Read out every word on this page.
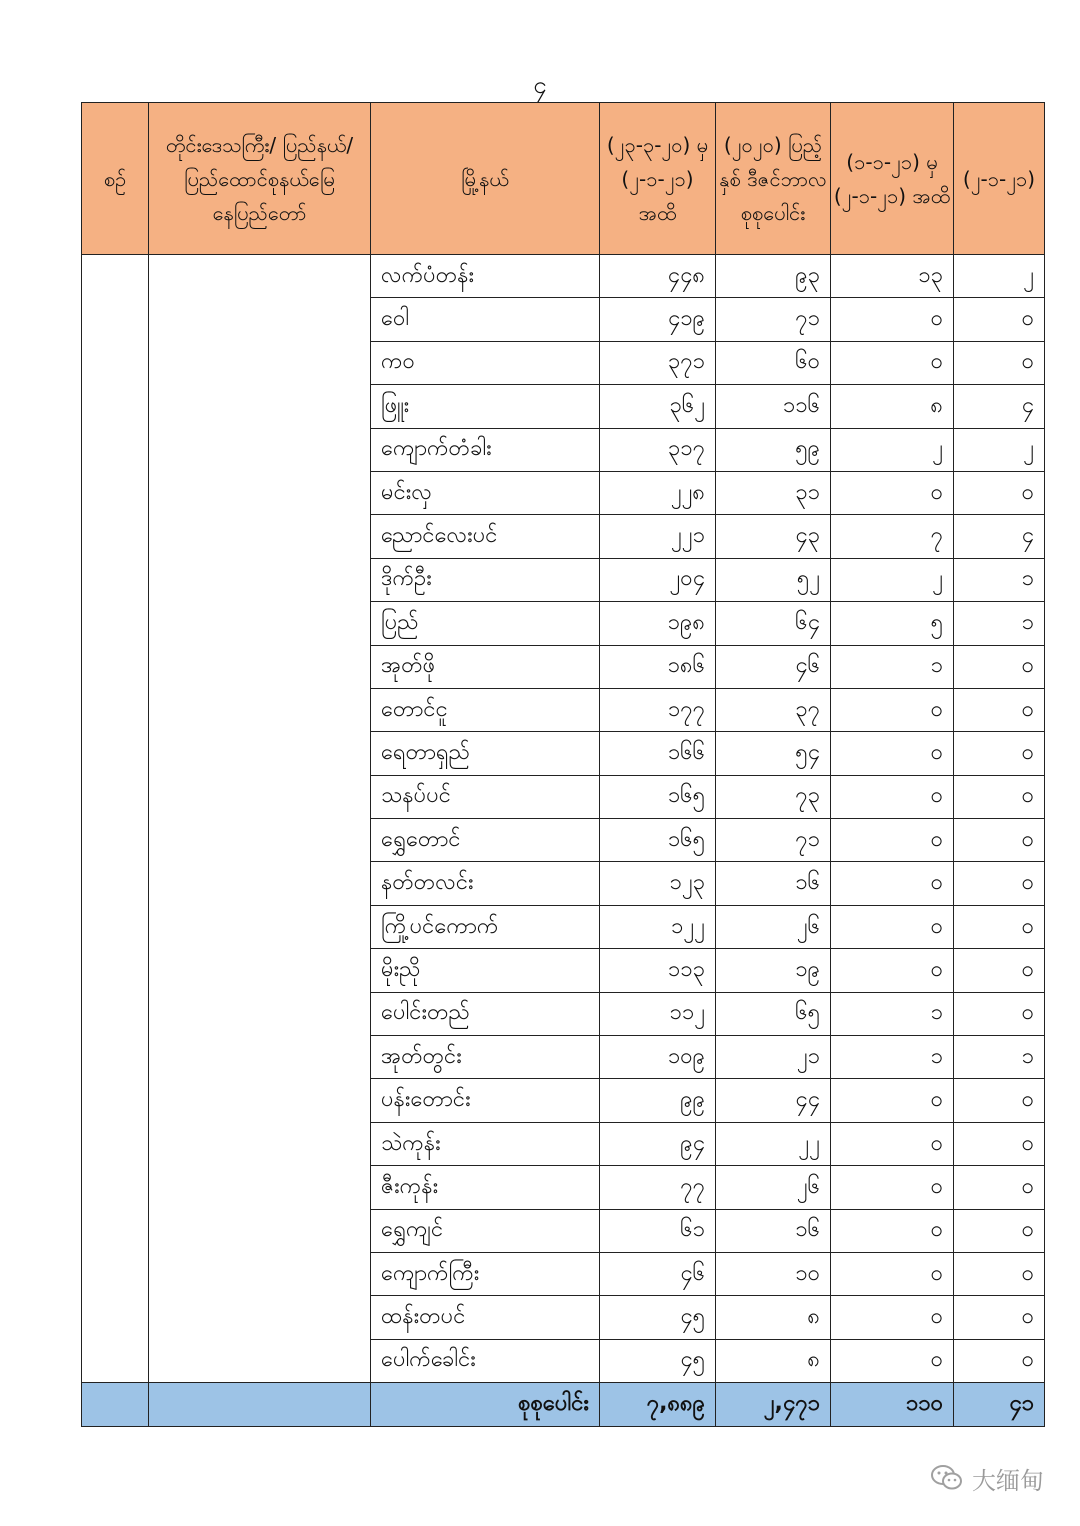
၄
စဉ်	တိုင်းဒေသကြီး/ ပြည်နယ်/ ပြည်ထောင်စုနယ်မြေ နေပြည်တော်	မြို့နယ်	(၂၃-၃-၂၀) မှ (၂-၁-၂၁) အထိ	(၂၀၂၀) ပြည့်နှစ် ဒီဇင်ဘာလ စုစုပေါင်း	(၁-၁-၂၁) မှ (၂-၁-၂၁) အထိ	(၂-၁-၂၁)
		လက်ပံတန်း	၄၄၈	၉၃	၁၃	၂
		ဝေါ	၄၁၉	၇၁	၀	၀
		ကဝ	၃၇၁	၆၀	၀	၀
		ဖြူး	၃၆၂	၁၁၆	၈	၄
		ကျောက်တံခါး	၃၁၇	၅၉	၂	၂
		မင်းလှ	၂၂၈	၃၁	၀	၀
		ညောင်လေးပင်	၂၂၁	၄၃	၇	၄
		ဒိုက်ဦး	၂၀၄	၅၂	၂	၁
		ပြည်	၁၉၈	၆၄	၅	၁
		အုတ်ဖို	၁၈၆	၄၆	၁	၀
		တောင်ငူ	၁၇၇	၃၇	၀	၀
		ရေတာရှည်	၁၆၆	၅၄	၀	၀
		သနပ်ပင်	၁၆၅	၇၃	၀	၀
		ရွှေတောင်	၁၆၅	၇၁	၀	၀
		နတ်တလင်း	၁၂၃	၁၆	၀	၀
		ကြို့ပင်ကောက်	၁၂၂	၂၆	၀	၀
		မိုးညို	၁၁၃	၁၉	၀	၀
		ပေါင်းတည်	၁၁၂	၆၅	၁	၀
		အုတ်တွင်း	၁၀၉	၂၁	၁	၁
		ပန်းတောင်း	၉၉	၄၄	၀	၀
		သဲကုန်း	၉၄	၂၂	၀	၀
		ဇီးကုန်း	၇၇	၂၆	၀	၀
		ရွှေကျင်	၆၁	၁၆	၀	၀
		ကျောက်ကြီး	၄၆	၁၀	၀	၀
		ထန်းတပင်	၄၅	၈	၀	၀
		ပေါက်ခေါင်း	၄၅	၈	၀	၀
		စုစုပေါင်း	၇,၈၈၉	၂,၄၇၁	၁၁၀	၄၁
大缅甸
